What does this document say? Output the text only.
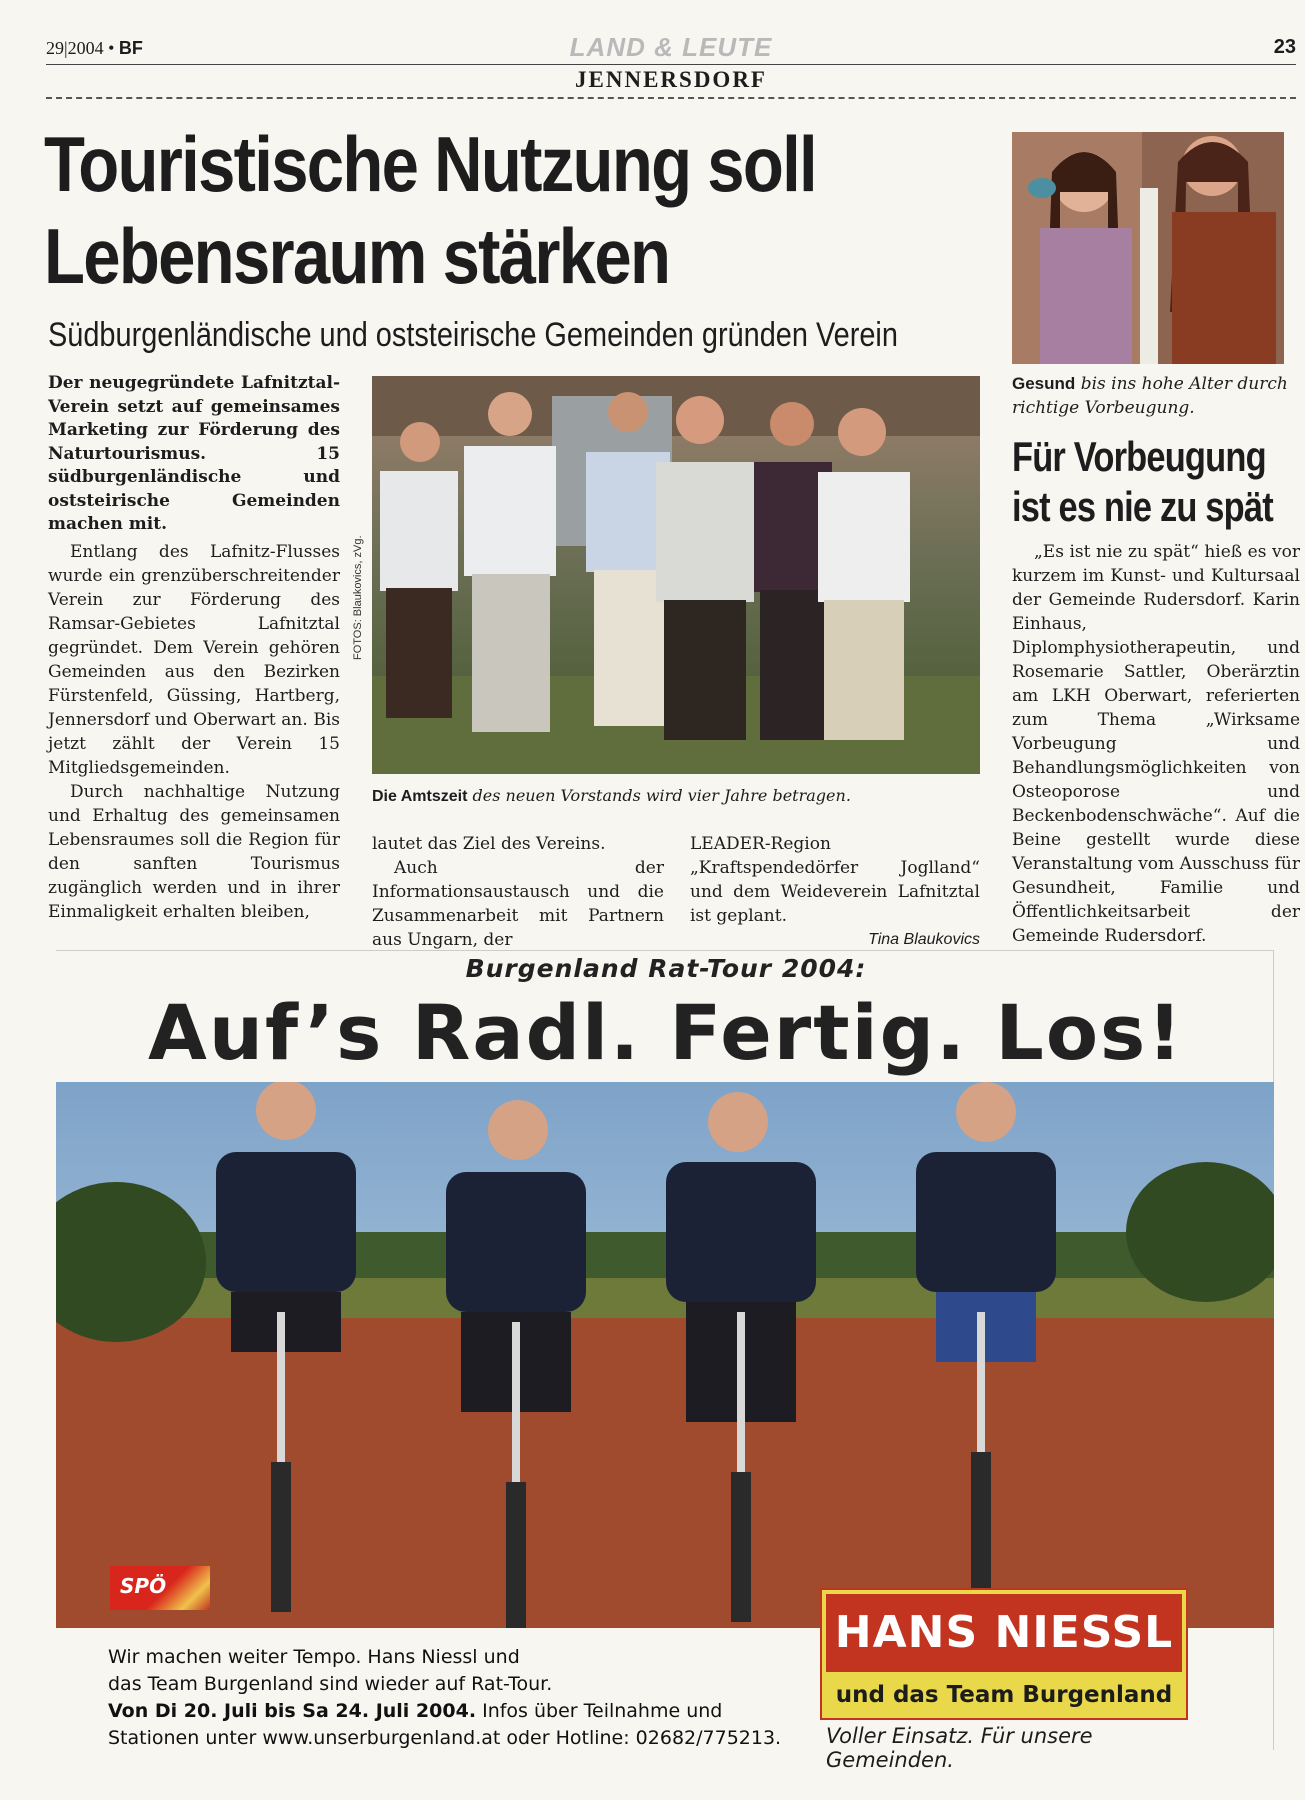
29|2004 • BF	LAND & LEUTE	23
JENNERSDORF
Touristische Nutzung soll
Lebensraum stärken
Südburgenländische und oststeirische Gemeinden gründen Verein
Der neugegründete Lafnitztal-Verein setzt auf gemeinsames Marketing zur Förderung des Naturtourismus. 15 südburgenländische und oststeirische Gemeinden machen mit.

Entlang des Lafnitz-Flusses wurde ein grenzüberschreitender Verein zur Förderung des Ramsar-Gebietes Lafnitztal gegründet. Dem Verein gehören Gemeinden aus den Bezirken Fürstenfeld, Güssing, Hartberg, Jennersdorf und Oberwart an. Bis jetzt zählt der Verein 15 Mitgliedsgemeinden.

Durch nachhaltige Nutzung und Erhaltug des gemeinsamen Lebensraumes soll die Region für den sanften Tourismus zugänglich werden und in ihrer Einmaligkeit erhalten bleiben,

FOTOS: Blaukovics, zVg.
Die Amtszeit des neuen Vorstands wird vier Jahre betragen.

lautet das Ziel des Vereins.

Auch der Informationsaustausch und die Zusammenarbeit mit Partnern aus Ungarn, der

LEADER-Region „Kraftspendedörfer Joglland“ und dem Weideverein Lafnitztal ist geplant.

Tina Blaukovics

Gesund bis ins hohe Alter durch richtige Vorbeugung.
Für Vorbeugung
ist es nie zu spät

„Es ist nie zu spät“ hieß es vor kurzem im Kunst- und Kultursaal der Gemeinde Rudersdorf. Karin Einhaus, Diplomphysiotherapeutin, und Rosemarie Sattler, Oberärztin am LKH Oberwart, referierten zum Thema „Wirksame Vorbeugung und Behandlungsmöglichkeiten von Osteoporose und Beckenbodenschwäche“. Auf die Beine gestellt wurde diese Veranstaltung vom Ausschuss für Gesundheit, Familie und Öffentlichkeitsarbeit der Gemeinde Rudersdorf.

Burgenland Rat-Tour 2004:
Auf’s Radl. Fertig. Los!
SPÖ
Wir machen weiter Tempo. Hans Niessl und
das Team Burgenland sind wieder auf Rat-Tour.
Von Di 20. Juli bis Sa 24. Juli 2004. Infos über Teilnahme und
Stationen unter www.unserburgenland.at oder Hotline: 02682/775213.
HANS NIESSL
und das Team Burgenland
Voller Einsatz. Für unsere Gemeinden.
